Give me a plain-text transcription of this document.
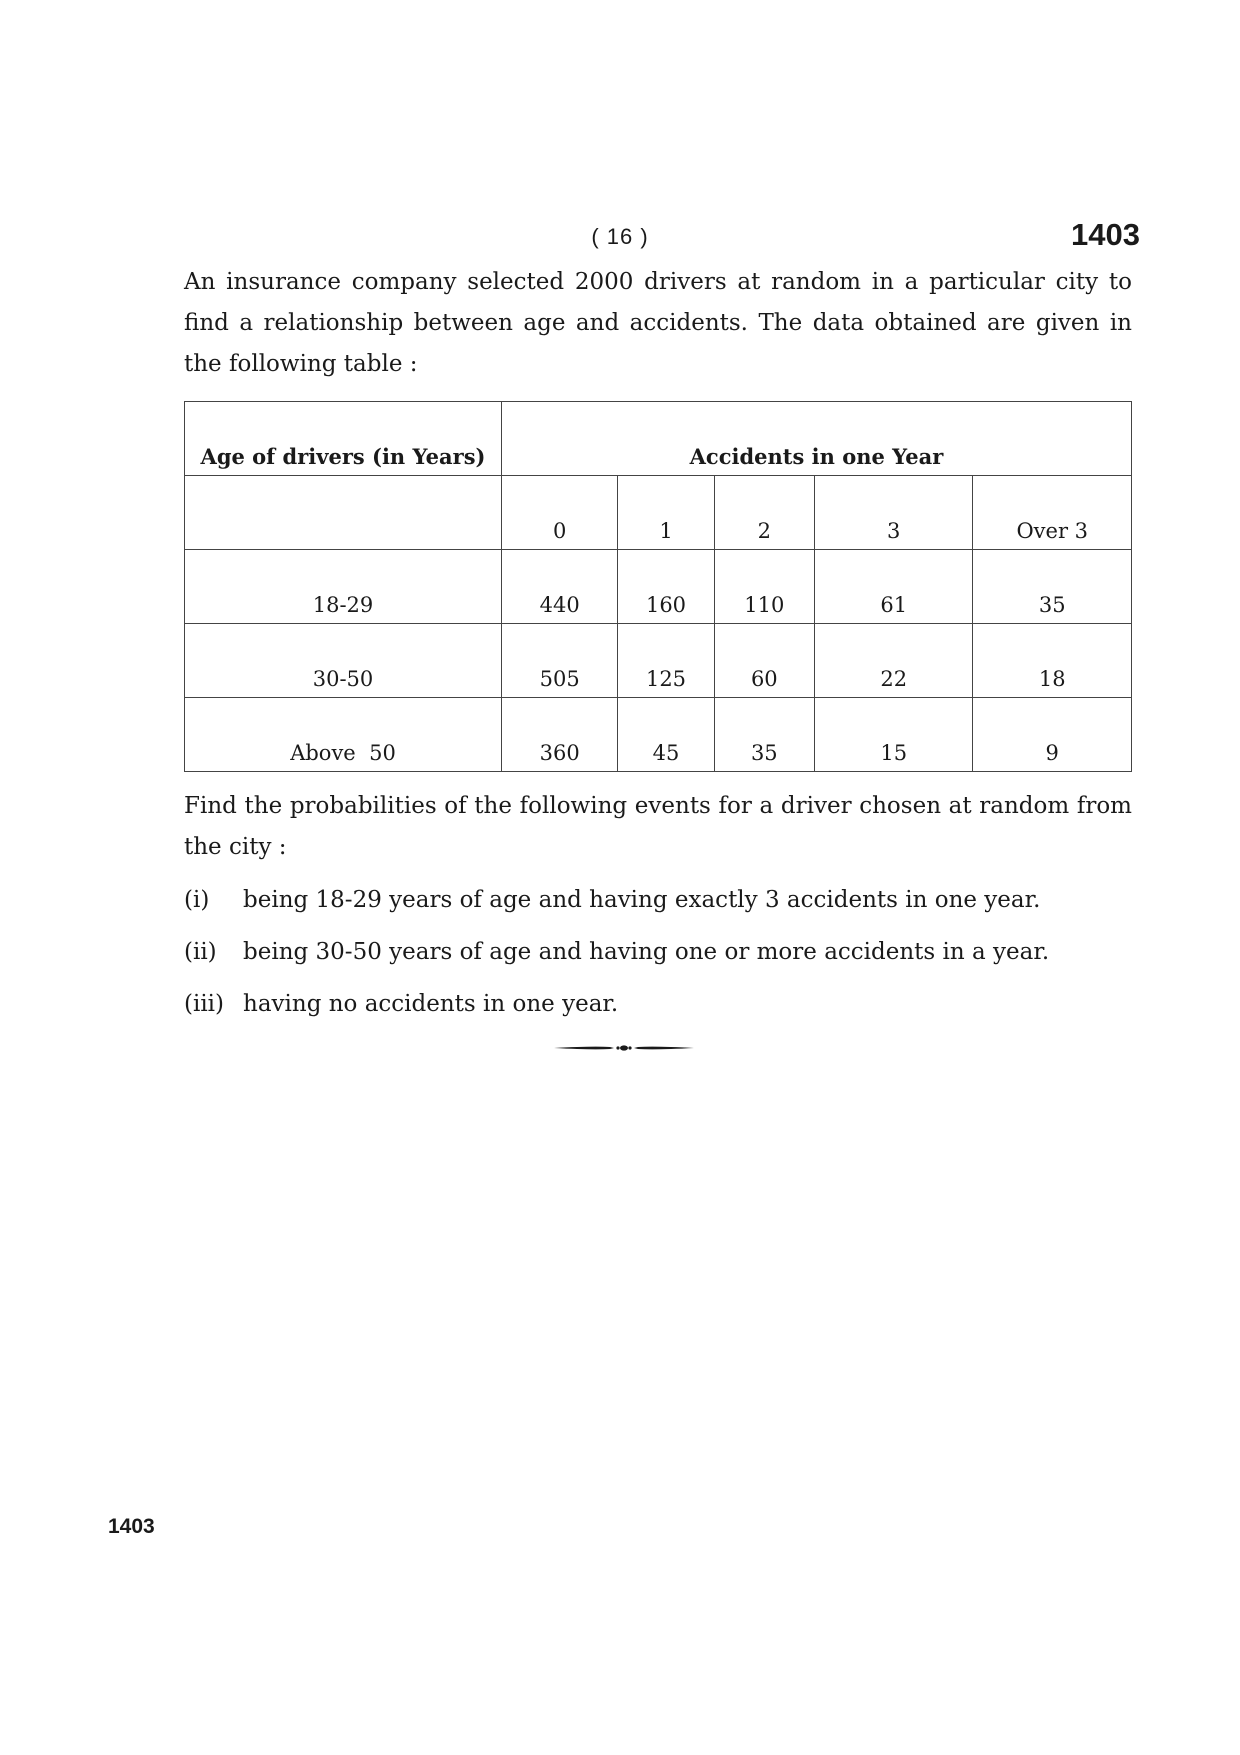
( 16 )	1403

An insurance company selected 2000 drivers at random in a particular city to find a relationship between age and accidents. The data obtained are given in the following table :

Age of drivers (in Years)	Accidents in one Year				
	0	1	2	3	Over 3
18-29	440	160	110	61	35
30-50	505	125	60	22	18
Above  50	360	45	35	15	9

Find the probabilities of the following events for a driver chosen at random from the city :

(i)	being 18-29 years of age and having exactly 3 accidents in one year.
(ii)	being 30-50 years of age and having one or more accidents in a year.
(iii) having no accidents in one year.
1403
